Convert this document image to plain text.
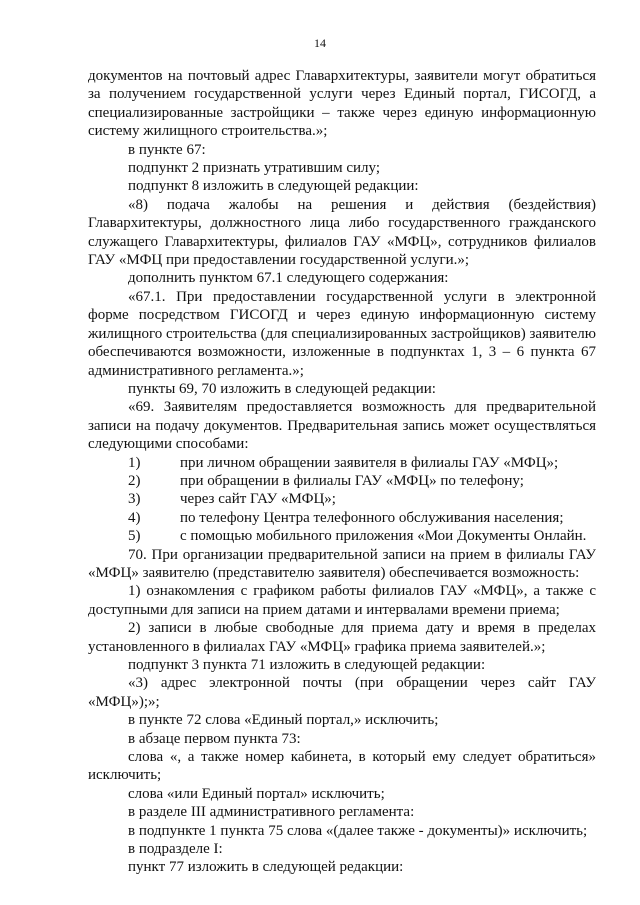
14

документов на почтовый адрес Главархитектуры, заявители могут обратиться за получением государственной услуги через Единый портал, ГИСОГД, а специализированные застройщики – также через единую информационную систему жилищного строительства.»;

в пункте 67:

подпункт 2 признать утратившим силу;

подпункт 8 изложить в следующей редакции:

«8) подача жалобы на решения и действия (бездействия) Главархитектуры, должностного лица либо государственного гражданского служащего Главархитектуры, филиалов ГАУ «МФЦ», сотрудников филиалов ГАУ «МФЦ при предоставлении государственной услуги.»;

дополнить пунктом 67.1 следующего содержания:

«67.1. При предоставлении государственной услуги в электронной форме посредством ГИСОГД и через единую информационную систему жилищного строительства (для специализированных застройщиков) заявителю обеспечиваются возможности, изложенные в подпунктах 1, 3 – 6 пункта 67 административного регламента.»;

пункты 69, 70 изложить в следующей редакции:

«69. Заявителям предоставляется возможность для предварительной записи на подачу документов. Предварительная запись может осуществляться следующими способами:

1)	при личном обращении заявителя в филиалы ГАУ «МФЦ»;
2)	при обращении в филиалы ГАУ «МФЦ» по телефону;
3)	через сайт ГАУ «МФЦ»;
4)	по телефону Центра телефонного обслуживания населения;
5)	с помощью мобильного приложения «Мои Документы Онлайн.

70. При организации предварительной записи на прием в филиалы ГАУ «МФЦ» заявителю (представителю заявителя) обеспечивается возможность:

1) ознакомления с графиком работы филиалов ГАУ «МФЦ», а также с доступными для записи на прием датами и интервалами времени приема;

2) записи в любые свободные для приема дату и время в пределах установленного в филиалах ГАУ «МФЦ» графика приема заявителей.»;

подпункт 3 пункта 71 изложить в следующей редакции:

«3) адрес электронной почты (при обращении через сайт ГАУ «МФЦ»);»;

в пункте 72 слова «Единый портал,» исключить;

в абзаце первом пункта 73:

слова «, а также номер кабинета, в который ему следует обратиться» исключить;

слова «или Единый портал» исключить;

в разделе III административного регламента:

в подпункте 1 пункта 75 слова «(далее также - документы)» исключить;

в подразделе I:

пункт 77 изложить в следующей редакции:
